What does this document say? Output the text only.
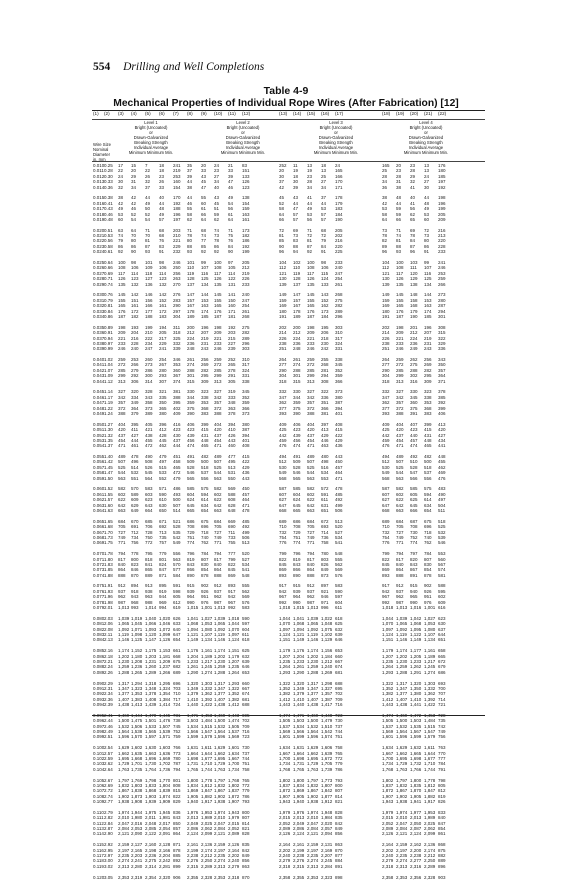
554 Drilling and Well Completions
Table 4-9
Mechanical Properties of Individual Rope Wires (After Fabrication) [12]
(1) (2) (3) (4) (5) (6) (7) (8) (9) (10) (11) (12)	(13) (14) (15) (16) (17)	(18) (19) (20) (21) (22)
Wire Size
Nominal
Diameter
in. mm
Level 1
Bright (Uncoated)
or
Drawn-Galvanized
Breaking Strength
Individual Average
Minimum Minimum Min.
Level 2
Bright (Uncoated)
or
Drawn-Galvanized
Breaking Strength
Individual Average
Minimum Minimum Min.
Level 3
Bright (Uncoated)
or
Drawn-Galvanized
Breaking Strength
Individual Average
Minimum Minimum Min.
Level 4
Bright (Uncoated)
or
Drawn-Galvanized
Breaking Strength
Individual Average
Minimum Minimum Min.
0.010 0.25	17	15	7	18	241	35	20	24	21	83	252	11	13	18	24	165	20	23	13	176
0.011 0.28	22	20	22	18	219	37	33	23	33	151	20	19	19	13	165	25	23	28	13	180
0.012 0.30	24	29	26	23	253	39	43	27	39	133	30	18	23	25	166	28	28	29	24	185
0.013 0.33	30	31	32	26	160	44	45	34	47	126	37	30	28	27	170	34	31	32	27	197
0.014 0.36	32	34	37	33	154	38	47	40	46	123	42	39	34	34	171	36	38	41	30	192
0.015 0.38	38	42	44	40	170	44	55	43	49	138	45	43	41	37	178	38	48	40	44	198
0.016 0.41	42	42	49	44	192	46	60	45	54	154	52	44	44	44	179	42	44	41	48	196
0.017 0.43	49	46	50	48	188	55	61	51	56	159	58	47	49	53	183	53	59	56	49	199
0.018 0.46	53	52	52	49	196	58	66	59	61	163	64	57	53	57	184	58	59	62	53	205
0.019 0.48	60	54	54	57	197	62	64	62	64	161	66	57	56	57	190	64	66	65	60	209
0.020 0.51	63	64	71	68	203	71	68	74	71	173	72	69	71	68	205	73	71	69	72	216
0.021 0.53	74	70	70	68	210	78	74	73	75	182	81	73	72	72	202	78	74	78	73	213
0.022 0.56	79	80	81	76	221	80	77	78	76	186	85	83	81	79	216	82	81	84	80	220
0.023 0.58	86	86	87	83	229	88	85	86	84	192	90	88	87	84	220	89	88	87	86	228
0.024 0.61	92	90	93	91	232	93	92	92	90	199	96	94	92	91	225	96	93	96	91	233
0.025 0.64	100	98	101	98	246	101	99	100	97	205	104	102	100	98	233	104	100	103	99	241
0.026 0.66	108	106	109	106	250	110	107	108	105	212	112	110	108	106	240	112	108	111	107	246
0.027 0.69	117	114	118	114	256	119	116	117	114	219	121	119	117	115	247	121	117	120	116	253
0.028 0.71	126	123	127	123	263	128	125	126	122	226	130	128	126	124	254	130	126	129	125	259
0.029 0.74	135	132	136	132	270	137	134	135	131	233	139	137	135	133	261	139	135	138	134	266
0.030 0.76	145	142	146	142	276	147	144	145	141	240	149	147	145	143	268	149	145	148	144	273
0.031 0.79	155	151	156	152	283	157	153	155	150	247	159	157	155	152	275	159	155	158	153	280
0.032 0.81	165	161	166	161	290	167	163	165	160	254	169	167	165	162	282	169	165	168	163	287
0.033 0.84	176	172	177	172	297	178	174	176	171	261	180	178	176	173	289	180	176	179	174	294
0.034 0.86	187	182	188	183	304	189	185	187	181	268	191	189	187	184	296	191	187	190	185	301
0.035 0.89	198	193	199	194	311	200	196	198	192	275	202	200	198	195	303	202	198	201	196	308
0.036 0.91	209	204	210	205	318	212	207	209	203	282	214	212	209	206	310	214	209	212	207	315
0.037 0.94	221	216	222	217	325	224	219	221	215	289	226	224	221	218	317	226	221	224	219	322
0.038 0.97	233	228	234	229	332	236	231	233	227	296	238	236	233	230	324	238	233	236	231	329
0.039 0.99	246	240	247	241	339	248	243	246	239	303	251	248	246	242	331	251	246	249	243	336
0.040 1.02	259	253	260	254	346	261	256	259	252	310	264	261	259	255	338	264	259	262	256	343
0.041 1.04	272	266	273	267	353	274	269	272	265	317	277	274	272	268	345	277	272	275	269	350
0.042 1.07	285	279	286	280	360	288	282	285	278	324	290	288	285	281	352	290	285	288	282	357
0.043 1.09	299	292	300	293	367	301	295	299	291	331	304	301	299	294	359	304	299	302	295	364
0.044 1.12	313	306	314	307	374	315	309	313	305	338	318	315	313	308	366	318	313	316	309	371
0.045 1.14	327	320	328	321	381	330	323	327	319	345	332	330	327	322	373	332	327	330	323	378
0.046 1.17	342	334	343	335	388	344	338	342	333	352	347	344	342	336	380	347	342	345	338	385
0.047 1.19	357	349	358	350	395	359	353	357	348	359	362	359	357	351	387	362	357	360	353	392
0.048 1.22	372	364	373	365	402	375	368	372	363	366	377	375	372	366	394	377	372	375	368	399
0.049 1.24	388	379	389	380	409	390	383	388	378	373	393	390	388	381	401	393	388	391	383	406
0.050 1.27	404	395	405	396	416	406	399	404	394	380	409	406	404	397	408	409	404	407	399	413
0.051 1.30	420	411	421	412	423	423	415	420	410	387	425	423	420	413	415	425	420	423	415	420
0.052 1.32	437	427	438	428	430	439	431	437	426	394	442	439	437	429	422	442	437	440	431	427
0.053 1.35	454	444	455	445	437	456	448	454	443	401	459	456	454	446	429	459	454	457	448	434
0.054 1.37	471	461	472	462	444	474	465	471	460	408	476	474	471	463	436	476	471	474	465	441
0.055 1.40	489	478	490	479	451	491	482	489	477	415	494	491	489	480	443	494	489	492	482	448
0.056 1.42	507	496	508	497	458	509	500	507	495	422	512	509	507	498	450	512	507	510	500	455
0.057 1.45	525	514	526	515	465	528	518	525	513	429	530	528	525	516	457	530	525	528	518	462
0.058 1.47	544	532	545	533	472	546	537	544	531	436	549	546	544	534	464	549	544	547	537	469
0.059 1.50	563	551	564	552	479	565	556	563	550	443	568	565	563	553	471	568	563	566	556	476
0.060 1.52	582	570	583	571	486	585	575	582	569	450	587	585	582	572	478	587	582	585	575	483
0.061 1.55	602	589	603	590	493	604	594	602	588	457	607	604	602	591	485	607	602	605	594	490
0.062 1.57	622	609	623	610	500	624	614	622	608	464	627	624	622	611	492	627	622	625	614	497
0.063 1.60	642	629	643	630	507	645	634	642	628	471	647	645	642	631	499	647	642	645	634	504
0.064 1.63	663	649	664	650	514	665	654	663	648	478	668	665	663	651	506	668	663	666	654	511
0.065 1.65	684	670	685	671	521	686	675	684	669	485	689	686	684	672	513	689	684	687	675	518
0.066 1.68	705	691	706	692	528	708	696	705	690	492	710	708	705	693	520	710	705	708	696	525
0.067 1.70	727	712	728	713	535	729	718	727	711	499	732	729	727	714	527	732	727	730	718	532
0.068 1.73	749	734	750	735	542	751	740	749	733	506	754	751	749	736	534	754	749	752	740	539
0.069 1.75	771	756	772	757	549	774	762	771	755	513	776	774	771	758	541	776	771	774	762	546
0.070 1.78	794	778	795	779	556	796	784	794	777	520	799	796	794	780	548	799	794	797	784	553
0.071 1.80	817	800	818	801	563	819	807	817	799	527	822	819	817	803	555	822	817	820	807	560
0.072 1.83	840	823	841	824	570	843	830	840	822	534	845	843	840	826	562	845	840	843	830	567
0.073 1.85	864	846	865	847	577	866	854	864	845	541	869	866	864	849	569	869	864	867	854	574
0.074 1.88	888	870	889	871	584	890	878	888	869	548	893	890	888	873	576	893	888	891	878	581
0.075 1.91	912	894	913	895	591	915	902	912	893	555	917	915	912	897	583	917	912	915	902	588
0.076 1.93	937	918	938	919	598	939	926	937	917	562	942	939	937	921	590	942	937	940	926	595
0.077 1.96	962	943	963	944	605	964	951	962	942	569	967	964	962	946	597	967	962	965	951	602
0.078 1.98	987	968	988	969	612	990	976	987	967	576	992	990	987	971	604	992	987	990	976	609
0.079 2.01	1,013 993	1,014 994	619	1,015 1,001 1,013 992	583	1,018 1,015 1,013 996	611	1,018 1,013 1,016 1,001 616
0.080 2.03	1,039 1,019 1,040 1,020 626	1,041 1,027 1,039 1,018 590	1,044 1,041 1,039 1,022 618	1,044 1,039 1,042 1,027 623
0.081 2.06	1,065 1,045 1,066 1,046 633	1,068 1,053 1,065 1,044 597	1,070 1,068 1,065 1,048 625	1,070 1,065 1,068 1,053 630
0.082 2.08	1,092 1,071 1,093 1,072 640	1,094 1,080 1,092 1,070 604	1,097 1,094 1,092 1,075 632	1,097 1,092 1,095 1,080 637
0.083 2.11	1,119 1,098 1,120 1,099 647	1,121 1,107 1,119 1,097 611	1,124 1,121 1,119 1,102 639	1,124 1,119 1,122 1,107 644
0.084 2.13	1,146 1,125 1,147 1,126 654	1,149 1,134 1,146 1,124 618	1,151 1,149 1,146 1,129 646	1,151 1,146 1,149 1,134 651
0.085 2.16	1,174 1,152 1,175 1,153 661	1,176 1,161 1,174 1,151 625	1,179 1,176 1,174 1,156 653	1,179 1,174 1,177 1,161 658
0.086 2.18	1,202 1,180 1,203 1,181 668	1,204 1,189 1,202 1,179 632	1,207 1,204 1,202 1,184 660	1,207 1,202 1,205 1,189 665
0.087 2.21	1,230 1,208 1,231 1,209 675	1,233 1,217 1,230 1,207 639	1,235 1,233 1,230 1,212 667	1,235 1,230 1,233 1,217 672
0.088 2.24	1,259 1,236 1,260 1,237 682	1,261 1,245 1,259 1,235 646	1,264 1,261 1,259 1,240 674	1,264 1,259 1,262 1,245 679
0.089 2.26	1,288 1,265 1,289 1,266 689	1,290 1,274 1,288 1,264 653	1,293 1,290 1,288 1,269 681	1,293 1,288 1,291 1,274 686
0.090 2.29	1,317 1,294 1,318 1,295 696	1,320 1,303 1,317 1,293 660	1,322 1,320 1,317 1,298 688	1,322 1,317 1,320 1,303 693
0.091 2.31	1,347 1,323 1,348 1,324 703	1,349 1,332 1,347 1,322 667	1,352 1,349 1,347 1,327 695	1,352 1,347 1,350 1,332 700
0.092 2.34	1,377 1,353 1,378 1,354 710	1,379 1,362 1,377 1,352 674	1,382 1,379 1,377 1,357 702	1,382 1,377 1,380 1,362 707
0.093 2.36	1,407 1,383 1,408 1,384 717	1,410 1,392 1,407 1,382 681	1,412 1,410 1,407 1,387 709	1,412 1,407 1,410 1,392 714
0.094 2.39	1,438 1,413 1,439 1,414 724	1,440 1,422 1,438 1,412 688	1,443 1,440 1,438 1,417 716	1,443 1,438 1,441 1,422 721
0.095 2.41	1,469 1,444 1,470 1,445 731	1,471 1,453 1,469 1,443 695	1,474 1,471 1,469 1,448 723	1,474 1,469 1,472 1,453 728
0.096 2.44	1,500 1,475 1,501 1,476 738	1,503 1,484 1,500 1,474 702	1,505 1,503 1,500 1,479 730	1,505 1,500 1,503 1,484 735
0.097 2.46	1,532 1,506 1,533 1,507 745	1,534 1,515 1,532 1,505 709	1,537 1,534 1,532 1,510 737	1,537 1,532 1,535 1,515 742
0.098 2.49	1,564 1,538 1,565 1,539 752	1,566 1,547 1,564 1,537 716	1,569 1,566 1,564 1,542 744	1,569 1,564 1,567 1,547 749
0.099 2.51	1,596 1,570 1,597 1,571 759	1,599 1,579 1,596 1,569 723	1,601 1,599 1,596 1,574 751	1,601 1,596 1,599 1,579 756
0.100 2.54	1,629 1,602 1,630 1,603 766	1,631 1,611 1,629 1,601 730	1,634 1,631 1,629 1,606 758	1,634 1,629 1,632 1,611 763
0.101 2.57	1,662 1,635 1,663 1,636 773	1,664 1,644 1,662 1,634 737	1,667 1,664 1,662 1,639 765	1,667 1,662 1,665 1,644 770
0.102 2.59	1,695 1,668 1,696 1,669 780	1,698 1,677 1,695 1,667 744	1,700 1,698 1,695 1,672 772	1,700 1,695 1,698 1,677 777
0.103 2.62	1,729 1,701 1,730 1,702 787	1,731 1,710 1,729 1,700 751	1,734 1,731 1,729 1,705 779	1,734 1,729 1,732 1,710 784
0.104 2.64	1,763 1,735 1,764 1,736 794	1,765 1,744 1,763 1,734 758	1,768 1,765 1,763 1,739 786	1,768 1,763 1,766 1,744 791
0.105 2.67	1,797 1,769 1,798 1,770 801	1,800 1,778 1,797 1,768 765	1,802 1,800 1,797 1,773 793	1,802 1,797 1,800 1,778 798
0.106 2.69	1,832 1,803 1,833 1,804 808	1,834 1,812 1,832 1,802 772	1,837 1,834 1,832 1,807 800	1,837 1,832 1,835 1,812 805
0.107 2.72	1,867 1,838 1,868 1,839 815	1,869 1,847 1,867 1,837 779	1,872 1,869 1,867 1,842 807	1,872 1,867 1,870 1,847 812
0.108 2.74	1,902 1,873 1,903 1,874 822	1,905 1,882 1,902 1,872 786	1,907 1,905 1,902 1,877 814	1,907 1,902 1,905 1,882 819
0.109 2.77	1,938 1,908 1,939 1,909 829	1,940 1,917 1,938 1,907 793	1,943 1,940 1,938 1,912 821	1,943 1,938 1,941 1,917 826
0.110 2.79	1,974 1,944 1,975 1,945 836	1,976 1,953 1,974 1,943 800	1,979 1,976 1,974 1,948 828	1,979 1,974 1,977 1,953 833
0.111 2.82	2,010 1,980 2,011 1,981 843	2,013 1,989 2,010 1,979 807	2,015 2,013 2,010 1,984 835	2,015 2,010 2,013 1,989 840
0.112 2.84	2,047 2,016 2,048 2,017 850	2,049 2,025 2,047 2,015 814	2,052 2,049 2,047 2,020 842	2,052 2,047 2,050 2,025 847
0.113 2.87	2,084 2,053 2,085 2,054 857	2,086 2,062 2,084 2,052 821	2,089 2,086 2,084 2,057 849	2,089 2,084 2,087 2,062 854
0.114 2.90	2,121 2,090 2,122 2,091 864	2,124 2,099 2,121 2,089 828	2,126 2,124 2,121 2,094 856	2,126 2,121 2,124 2,099 861
0.115 2.92	2,159 2,127 2,160 2,128 871	2,161 2,136 2,159 2,126 835	2,164 2,161 2,159 2,131 863	2,164 2,159 2,162 2,136 868
0.116 2.95	2,197 2,165 2,198 2,166 878	2,199 2,174 2,197 2,164 842	2,202 2,199 2,197 2,169 870	2,202 2,197 2,200 2,174 875
0.117 2.97	2,235 2,203 2,236 2,204 885	2,238 2,212 2,235 2,202 849	2,240 2,238 2,235 2,207 877	2,240 2,235 2,238 2,212 882
0.118 3.00	2,274 2,241 2,275 2,242 892	2,276 2,250 2,274 2,240 856	2,279 2,276 2,274 2,245 884	2,279 2,274 2,277 2,250 889
0.119 3.02	2,313 2,280 2,314 2,281 899	2,315 2,289 2,313 2,279 863	2,318 2,315 2,313 2,284 891	2,318 2,313 2,316 2,289 896
0.120 3.05	2,353 2,319 2,354 2,320 906	2,355 2,328 2,353 2,318 870	2,358 2,355 2,353 2,323 898	2,358 2,353 2,356 2,328 903
